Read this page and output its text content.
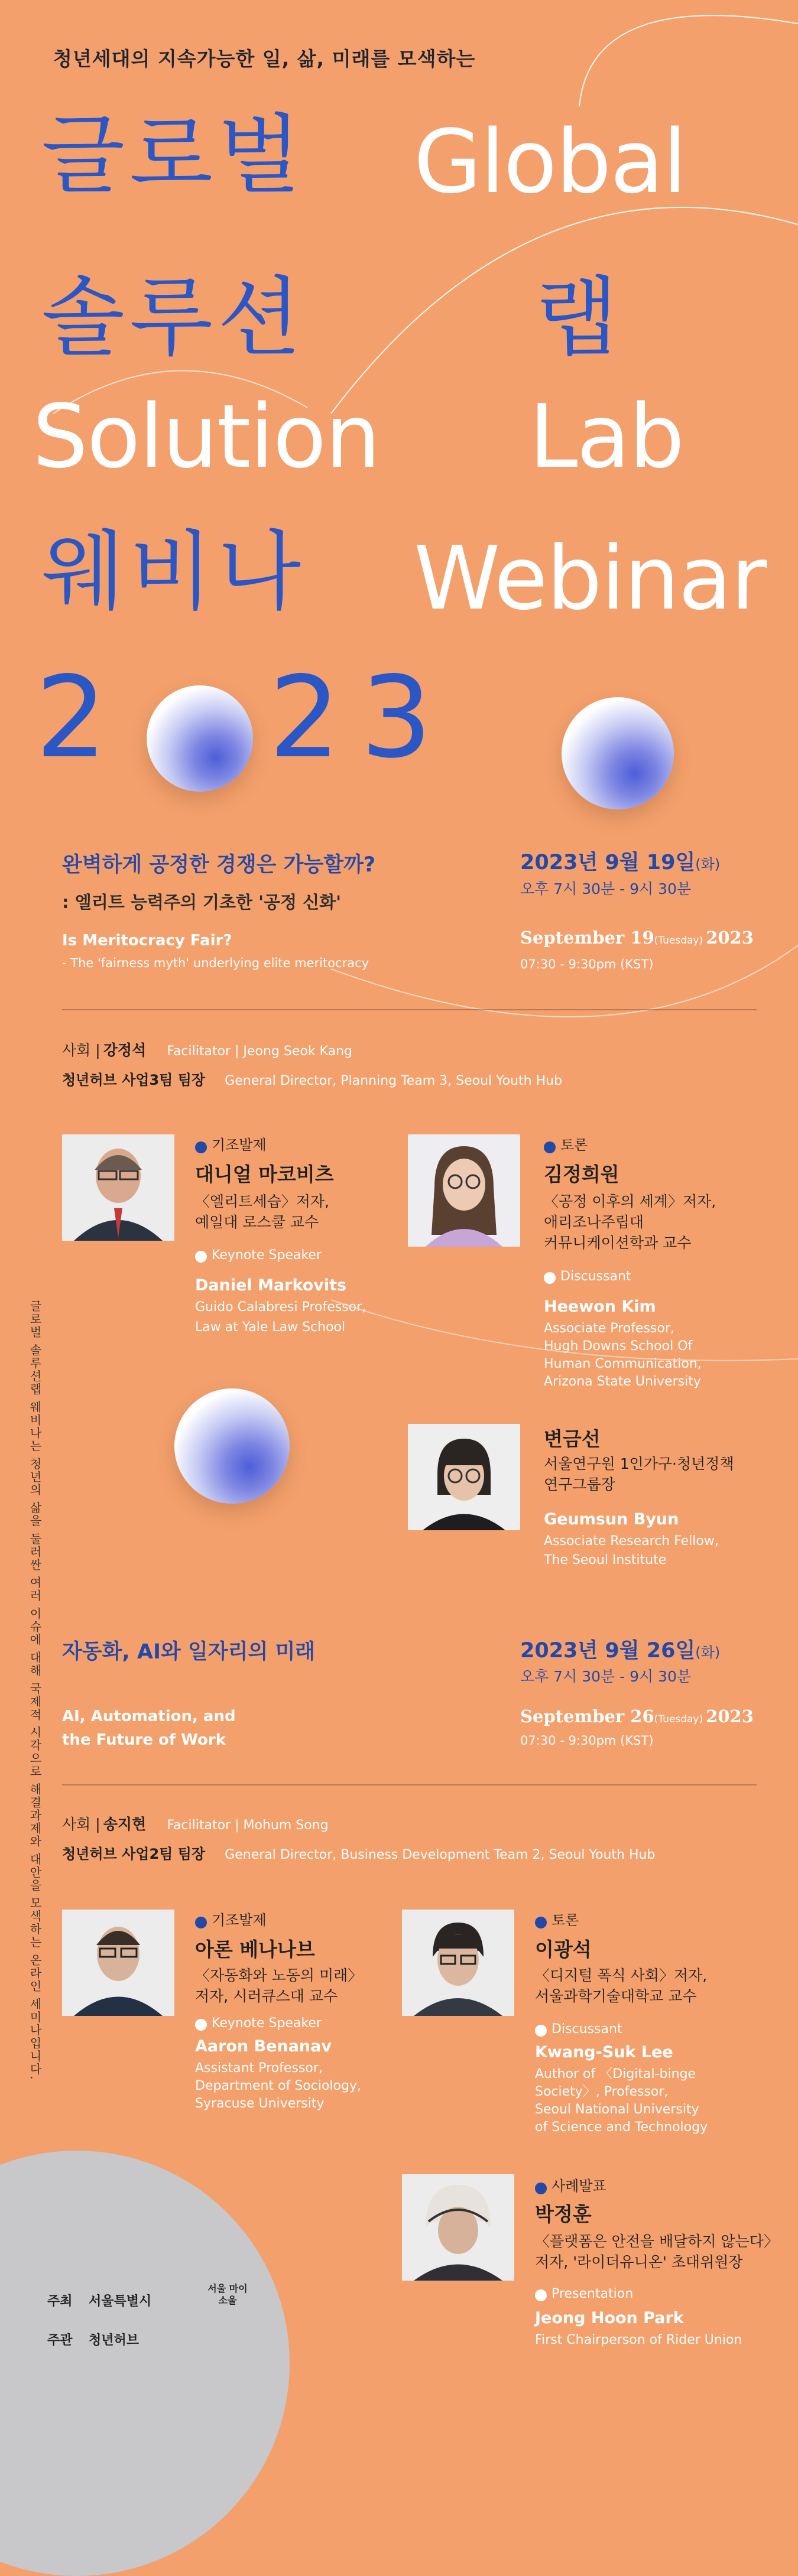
청년세대의 지속가능한 일, 삶, 미래를 모색하는
글로벌 Global
솔루션	랩
Solution Lab
웨비나 Webinar
2 2
3
글로벌 솔루션랩 웨비나는 청년의 삶을 둘러싼 여러 이슈에 대해 국제적 시각으로 해결과제와 대안을 모색하는 온라인 세미나입니다.
완벽하게 공정한 경쟁은 가능할까?
: 엘리트 능력주의 기초한 '공정 신화'
Is Meritocracy Fair?
- The 'fairness myth' underlying elite meritocracy
2023년 9월 19일(화)
오후 7시 30분 - 9시 30분
September 19(Tuesday) 2023
07:30 - 9:30pm (KST)
사회 | 강정석 Facilitator | Jeong Seok Kang
청년허브 사업3팀 팀장 General Director, Planning Team 3, Seoul Youth Hub
기조발제
대니얼 마코비츠
〈엘리트세습〉저자,
예일대 로스쿨 교수
Keynote Speaker
Daniel Markovits
Guido Calabresi Professor,
Law at Yale Law School
토론
김정희원
〈공정 이후의 세계〉저자,
애리조나주립대
커뮤니케이션학과 교수
Discussant
Heewon Kim
Associate Professor,
Hugh Downs School Of
Human Communication,
Arizona State University
변금선
서울연구원 1인가구·청년정책
연구그룹장
Geumsun Byun
Associate Research Fellow,
The Seoul Institute
자동화, AI와 일자리의 미래
AI, Automation, and
the Future of Work
2023년 9월 26일(화)
오후 7시 30분 - 9시 30분
September 26(Tuesday) 2023
07:30 - 9:30pm (KST)
사회 | 송지현 Facilitator | Mohum Song
청년허브 사업2팀 팀장 General Director, Business Development Team 2, Seoul Youth Hub
기조발제
아론 베나나브
〈자동화와 노동의 미래〉
저자, 시러큐스대 교수
Keynote Speaker
Aaron Benanav
Assistant Professor,
Department of Sociology,
Syracuse University
토론
이광석
〈디지털 폭식 사회〉저자,
서울과학기술대학교 교수
Discussant
Kwang-Suk Lee
Author of 〈Digital-binge
Society〉, Professor,
Seoul National University
of Science and Technology
사례발표
박정훈
〈플랫폼은 안전을 배달하지 않는다〉
저자, '라이더유니온' 초대위원장
Presentation
Jeong Hoon Park
First Chairperson of Rider Union
주최 서울특별시
서울 마이소울
주관 청년허브
